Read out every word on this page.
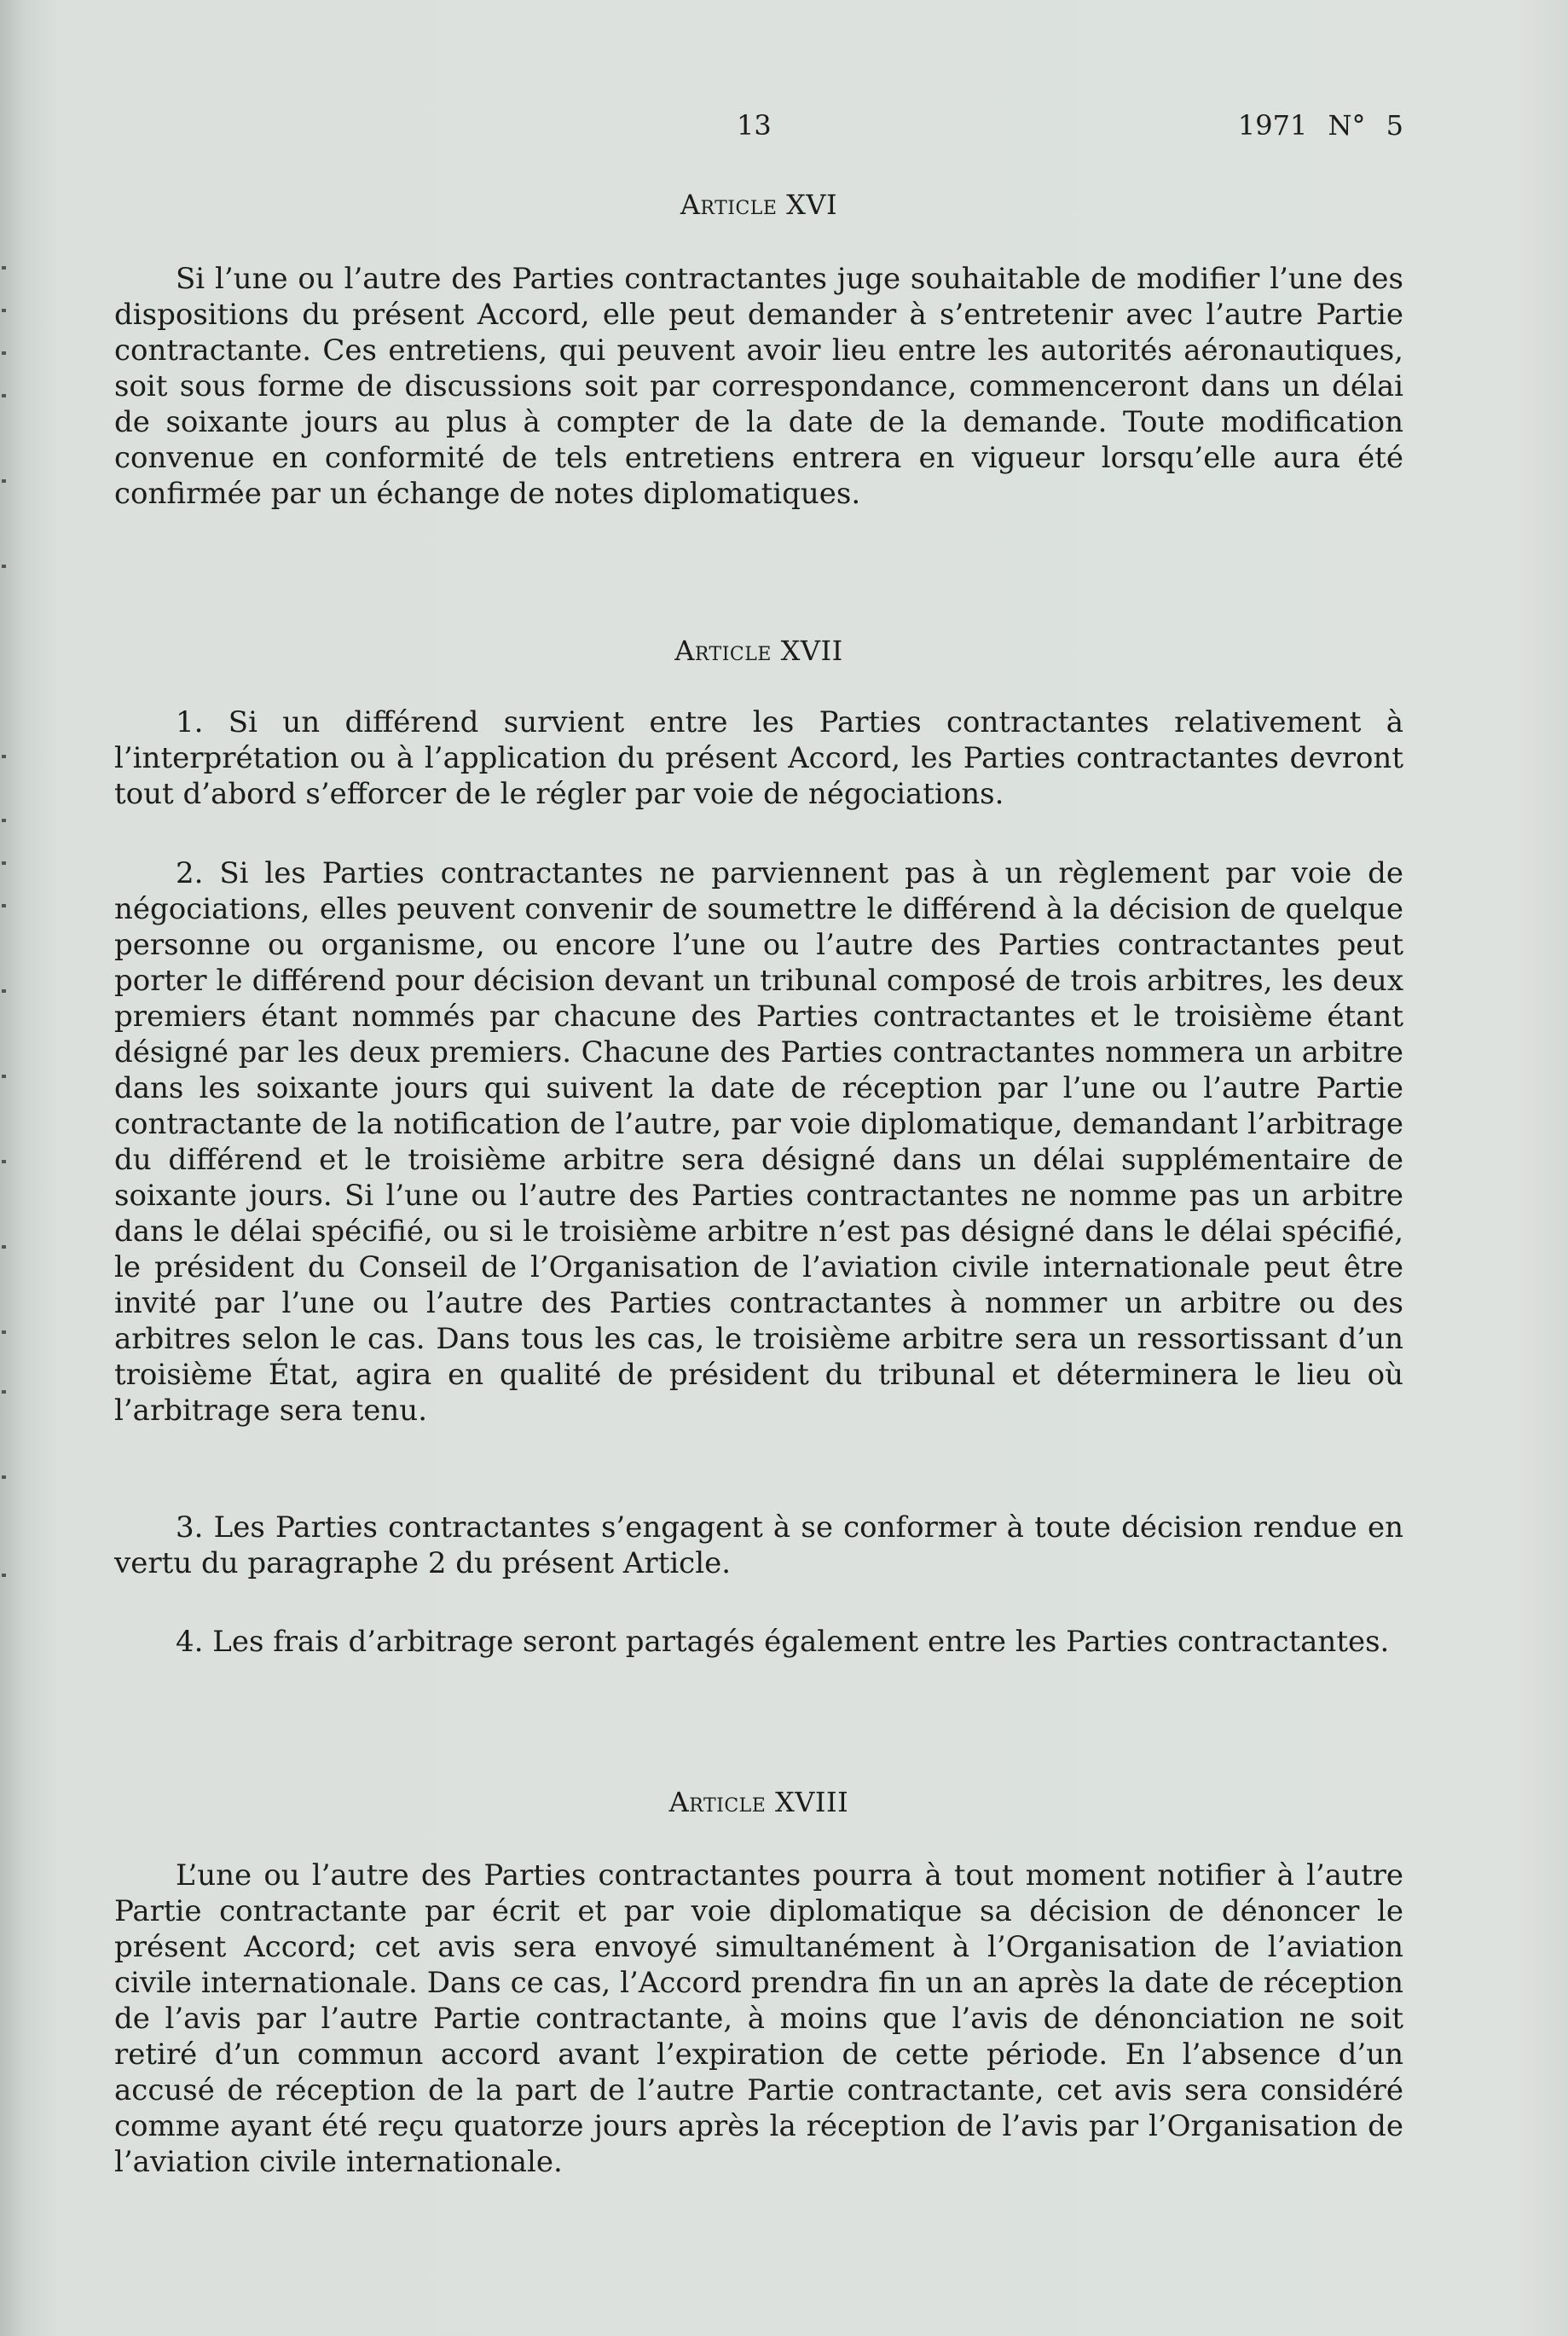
13	1971 N° 5
Article XVI

Si l’une ou l’autre des Parties contractantes juge souhaitable de modifier l’une des dispositions du présent Accord, elle peut demander à s’entretenir avec l’autre Partie contractante. Ces entretiens, qui peuvent avoir lieu entre les autorités aéronautiques, soit sous forme de discussions soit par correspondance, commenceront dans un délai de soixante jours au plus à compter de la date de la demande. Toute modification convenue en conformité de tels entretiens entrera en vigueur lorsqu’elle aura été confirmée par un échange de notes diplomatiques.

Article XVII

1. Si un différend survient entre les Parties contractantes relativement à l’interprétation ou à l’application du présent Accord, les Parties contractantes devront tout d’abord s’efforcer de le régler par voie de négociations.

2. Si les Parties contractantes ne parviennent pas à un règlement par voie de négociations, elles peuvent convenir de soumettre le différend à la décision de quelque personne ou organisme, ou encore l’une ou l’autre des Parties contractantes peut porter le différend pour décision devant un tribunal composé de trois arbitres, les deux premiers étant nommés par chacune des Parties contractantes et le troisième étant désigné par les deux premiers. Chacune des Parties contractantes nommera un arbitre dans les soixante jours qui suivent la date de réception par l’une ou l’autre Partie contractante de la notification de l’autre, par voie diplomatique, demandant l’arbitrage du différend et le troisième arbitre sera désigné dans un délai supplémentaire de soixante jours. Si l’une ou l’autre des Parties contractantes ne nomme pas un arbitre dans le délai spécifié, ou si le troisième arbitre n’est pas désigné dans le délai spécifié, le président du Conseil de l’Organisation de l’aviation civile internationale peut être invité par l’une ou l’autre des Parties contractantes à nommer un arbitre ou des arbitres selon le cas. Dans tous les cas, le troisième arbitre sera un ressortissant d’un troisième État, agira en qualité de président du tribunal et déterminera le lieu où l’arbitrage sera tenu.

3. Les Parties contractantes s’engagent à se conformer à toute décision rendue en vertu du paragraphe 2 du présent Article.

4. Les frais d’arbitrage seront partagés également entre les Parties contractantes.

Article XVIII

L’une ou l’autre des Parties contractantes pourra à tout moment notifier à l’autre Partie contractante par écrit et par voie diplomatique sa décision de dénoncer le présent Accord; cet avis sera envoyé simultanément à l’Organisation de l’aviation civile internationale. Dans ce cas, l’Accord prendra fin un an après la date de réception de l’avis par l’autre Partie contractante, à moins que l’avis de dénonciation ne soit retiré d’un commun accord avant l’expiration de cette période. En l’absence d’un accusé de réception de la part de l’autre Partie contractante, cet avis sera considéré comme ayant été reçu quatorze jours après la réception de l’avis par l’Organisation de l’aviation civile internationale.
